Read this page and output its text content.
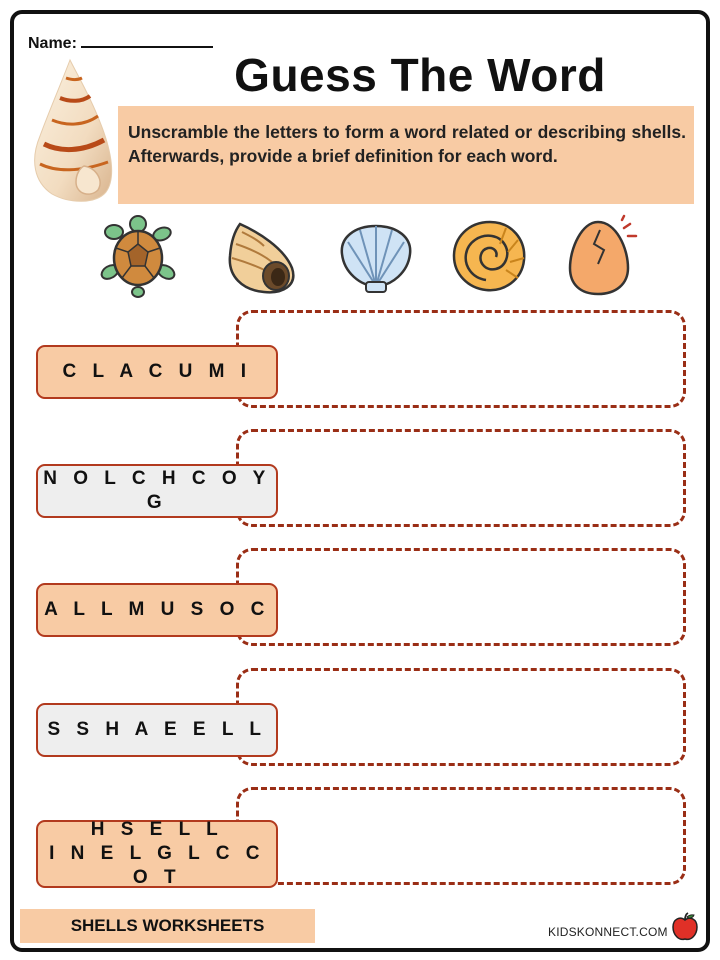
Name:
Guess The Word
Unscramble the letters to form a word related or describing shells. Afterwards, provide a brief definition for each word.
C L A C U M I
N O L C H C O Y G
A L L M U S O C
S S H A E E L L
H S E L L
I N E L G L C C O T
SHELLS WORKSHEETS	KIDSKONNECT.COM
